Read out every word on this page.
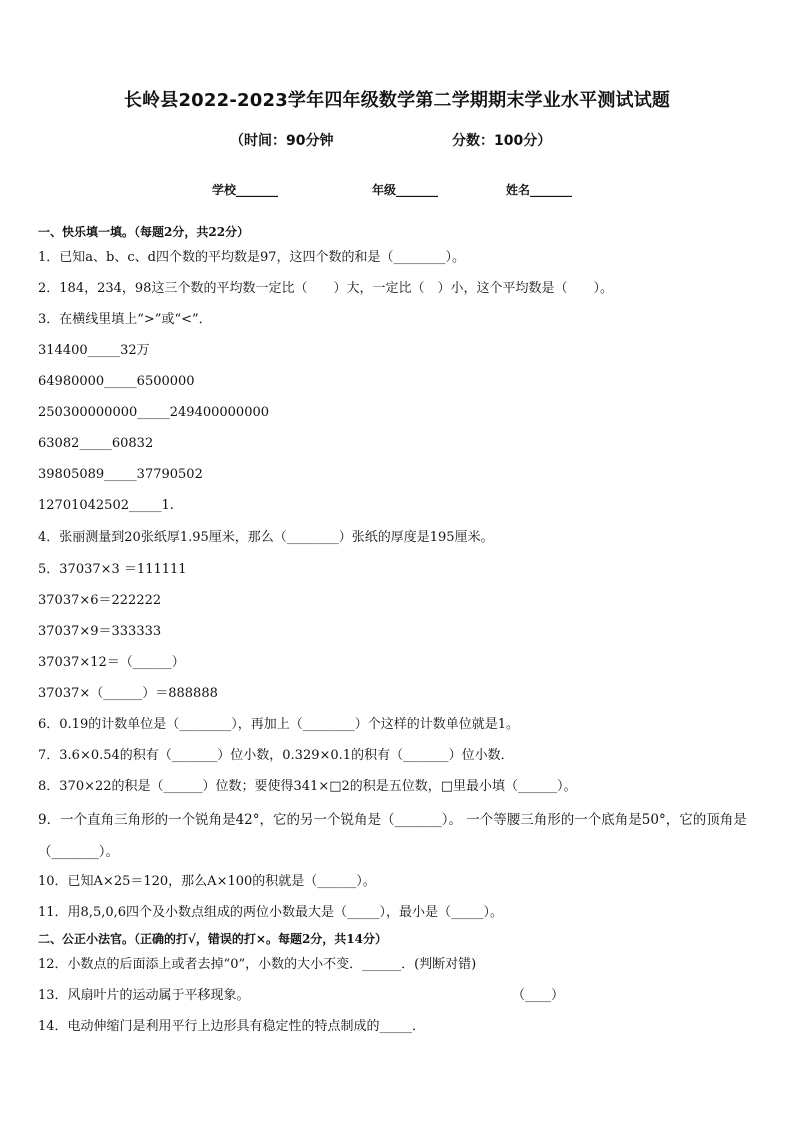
长岭县2022-2023学年四年级数学第二学期期末学业水平测试试题
（时间：90分钟	分数：100分）
学校_______	年级_______	姓名_______
一、快乐填一填。（每题2分，共22分）
1．已知a、b、c、d四个数的平均数是97，这四个数的和是（________）。
2．184，234，98这三个数的平均数一定比（　　）大，一定比（　）小，这个平均数是（　　）。
3．在横线里填上“>”或“<”．
314400_____32万
64980000_____6500000
250300000000_____249400000000
63082_____60832
39805089_____37790502
12701042502_____1.
4．张丽测量到20张纸厚1.95厘米，那么（________）张纸的厚度是195厘米。
5．37037×3 ＝111111
37037×6＝222222
37037×9＝333333
37037×12＝（______）
37037×（______）＝888888
6．0.19的计数单位是（________），再加上（________）个这样的计数单位就是1。
7．3.6×0.54的积有（_______）位小数，0.329×0.1的积有（_______）位小数．
8．370×22的积是（______）位数；要使得341×□2的积是五位数，□里最小填（______）。
9．一个直角三角形的一个锐角是42°，它的另一个锐角是（_______）。 一个等腰三角形的一个底角是50°，它的顶角是（_______）。
10．已知A×25＝120，那么A×100的积就是（______）。
11．用8,5,0,6四个及小数点组成的两位小数最大是（_____），最小是（_____）。
二、公正小法官。（正确的打√，错误的打×。每题2分，共14分）
12．小数点的后面添上或者去掉“0”，小数的大小不变．______．(判断对错)
13．风扇叶片的运动属于平移现象。	（____）
14．电动伸缩门是利用平行上边形具有稳定性的特点制成的_____．
